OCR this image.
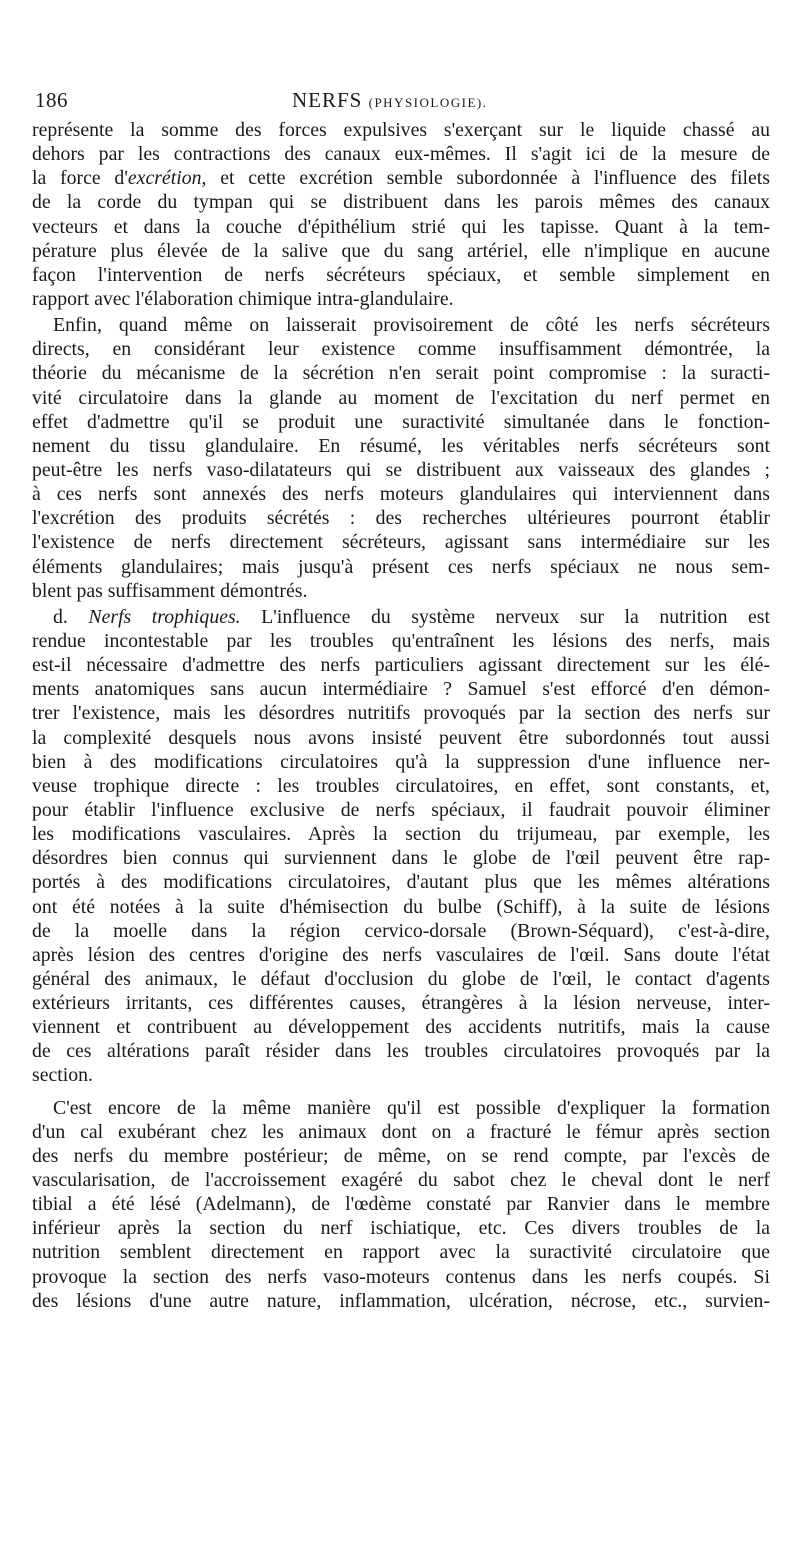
186	NERFS (PHYSIOLOGIE).
représente la somme des forces expulsives s'exerçant sur le liquide chassé au
dehors par les contractions des canaux eux-mêmes. Il s'agit ici de la mesure de
la force d'excrétion, et cette excrétion semble subordonnée à l'influence des filets
de la corde du tympan qui se distribuent dans les parois mêmes des canaux
vecteurs et dans la couche d'épithélium strié qui les tapisse. Quant à la tem-
pérature plus élevée de la salive que du sang artériel, elle n'implique en aucune
façon l'intervention de nerfs sécréteurs spéciaux, et semble simplement en
rapport avec l'élaboration chimique intra-glandulaire.
Enfin, quand même on laisserait provisoirement de côté les nerfs sécréteurs
directs, en considérant leur existence comme insuffisamment démontrée, la
théorie du mécanisme de la sécrétion n'en serait point compromise : la suracti-
vité circulatoire dans la glande au moment de l'excitation du nerf permet en
effet d'admettre qu'il se produit une suractivité simultanée dans le fonction-
nement du tissu glandulaire. En résumé, les véritables nerfs sécréteurs sont
peut-être les nerfs vaso-dilatateurs qui se distribuent aux vaisseaux des glandes ;
à ces nerfs sont annexés des nerfs moteurs glandulaires qui interviennent dans
l'excrétion des produits sécrétés : des recherches ultérieures pourront établir
l'existence de nerfs directement sécréteurs, agissant sans intermédiaire sur les
éléments glandulaires; mais jusqu'à présent ces nerfs spéciaux ne nous sem-
blent pas suffisamment démontrés.
d. Nerfs trophiques. L'influence du système nerveux sur la nutrition est
rendue incontestable par les troubles qu'entraînent les lésions des nerfs, mais
est-il nécessaire d'admettre des nerfs particuliers agissant directement sur les élé-
ments anatomiques sans aucun intermédiaire ? Samuel s'est efforcé d'en démon-
trer l'existence, mais les désordres nutritifs provoqués par la section des nerfs sur
la complexité desquels nous avons insisté peuvent être subordonnés tout aussi
bien à des modifications circulatoires qu'à la suppression d'une influence ner-
veuse trophique directe : les troubles circulatoires, en effet, sont constants, et,
pour établir l'influence exclusive de nerfs spéciaux, il faudrait pouvoir éliminer
les modifications vasculaires. Après la section du trijumeau, par exemple, les
désordres bien connus qui surviennent dans le globe de l'œil peuvent être rap-
portés à des modifications circulatoires, d'autant plus que les mêmes altérations
ont été notées à la suite d'hémisection du bulbe (Schiff), à la suite de lésions
de la moelle dans la région cervico-dorsale (Brown-Séquard), c'est-à-dire,
après lésion des centres d'origine des nerfs vasculaires de l'œil. Sans doute l'état
général des animaux, le défaut d'occlusion du globe de l'œil, le contact d'agents
extérieurs irritants, ces différentes causes, étrangères à la lésion nerveuse, inter-
viennent et contribuent au développement des accidents nutritifs, mais la cause
de ces altérations paraît résider dans les troubles circulatoires provoqués par la
section.
C'est encore de la même manière qu'il est possible d'expliquer la formation
d'un cal exubérant chez les animaux dont on a fracturé le fémur après section
des nerfs du membre postérieur; de même, on se rend compte, par l'excès de
vascularisation, de l'accroissement exagéré du sabot chez le cheval dont le nerf
tibial a été lésé (Adelmann), de l'œdème constaté par Ranvier dans le membre
inférieur après la section du nerf ischiatique, etc. Ces divers troubles de la
nutrition semblent directement en rapport avec la suractivité circulatoire que
provoque la section des nerfs vaso-moteurs contenus dans les nerfs coupés. Si
des lésions d'une autre nature, inflammation, ulcération, nécrose, etc., survien-
